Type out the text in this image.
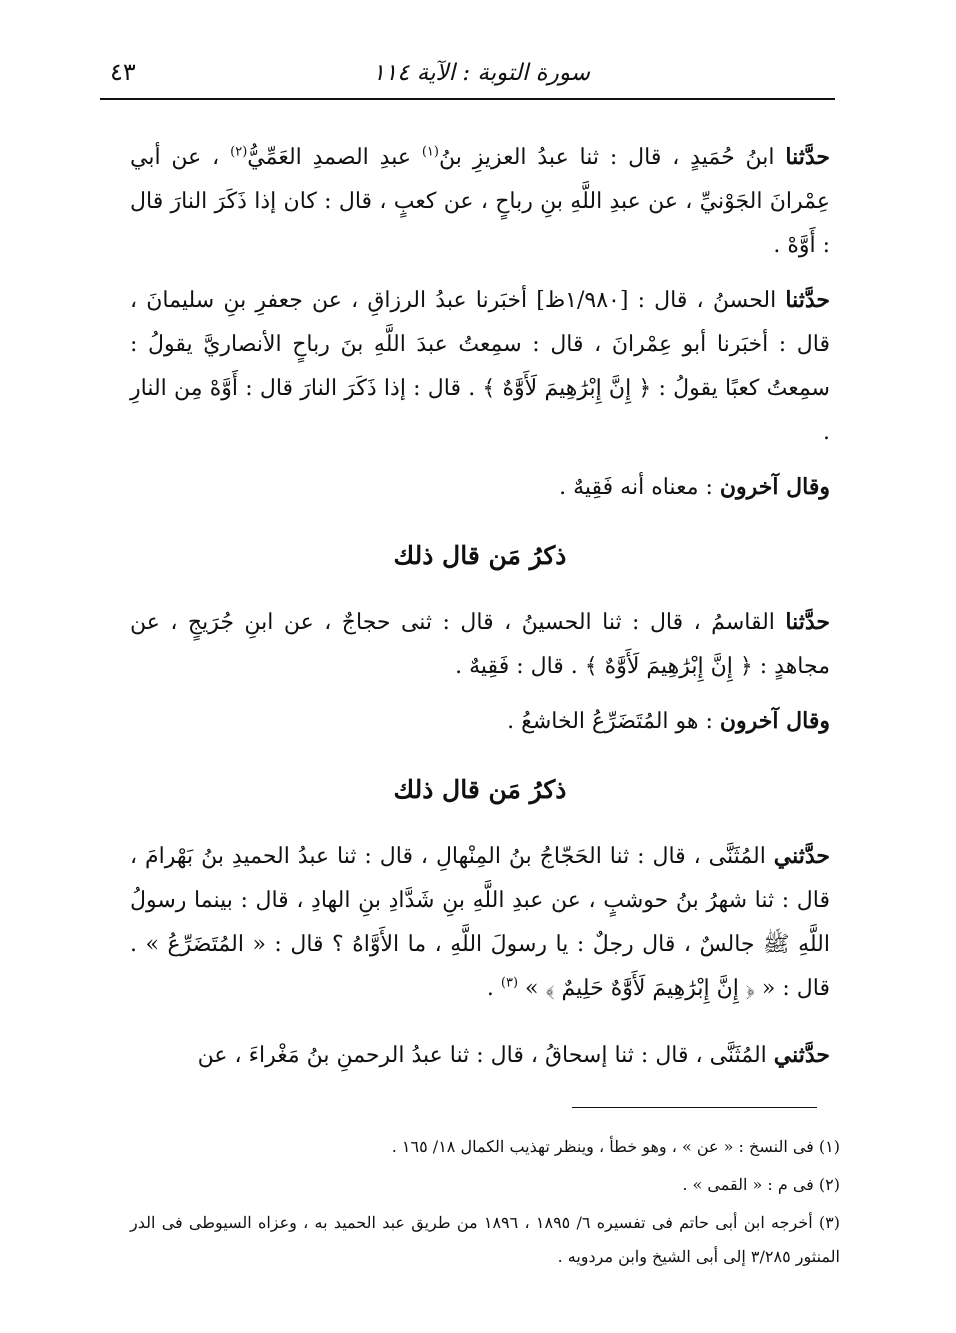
سورة التوبة : الآية ١١٤
٤٣

حدَّثنا ابنُ حُمَيدٍ ، قال : ثنا عبدُ العزيزِ بنُ$^{(١)}$ عبدِ الصمدِ العَمِّيُّ$^{(٢)}$ ، عن أبي عِمْرانَ الجَوْنيِّ ، عن عبدِ اللَّهِ بنِ رباحٍ ، عن كعبٍ ، قال : كان إذا ذَكَرَ النارَ قال : أَوَّهْ .

حدَّثنا الحسنُ ، قال : [١/٩٨٠ظ] أخبَرنا عبدُ الرزاقِ ، عن جعفرِ بنِ سليمانَ ، قال : أخبَرنا أبو عِمْرانَ ، قال : سمِعتُ عبدَ اللَّهِ بنَ رباحٍ الأنصاريَّ يقولُ : سمِعتُ كعبًا يقولُ : ﴿ إِنَّ إِبْرَٰهِيمَ لَأَوَّٰهٌ ﴾ . قال : إذا ذَكَرَ النارَ قال : أَوَّهْ مِن النارِ .

وقال آخرون : معناه أنه فَقِيهٌ .

ذكرُ مَن قال ذلك

حدَّثنا القاسمُ ، قال : ثنا الحسينُ ، قال : ثنى حجاجٌ ، عن ابنِ جُرَيجٍ ، عن مجاهدٍ : ﴿ إِنَّ إِبْرَٰهِيمَ لَأَوَّٰهٌ ﴾ . قال : فَقِيهٌ .

وقال آخرون : هو المُتَضَرِّعُ الخاشعُ .

ذكرُ مَن قال ذلك

حدَّثني المُثَنَّى ، قال : ثنا الحَجّاجُ بنُ المِنْهالِ ، قال : ثنا عبدُ الحميدِ بنُ بَهْرامَ ، قال : ثنا شهرُ بنُ حوشبٍ ، عن عبدِ اللَّهِ بنِ شَدَّادِ بنِ الهادِ ، قال : بينما رسولُ اللَّهِ ﷺ جالسٌ ، قال رجلٌ : يا رسولَ اللَّهِ ، ما الأَوَّاهُ ؟ قال : « المُتَضَرِّعُ » . قال : « ﴿ إِنَّ إِبْرَٰهِيمَ لَأَوَّٰهٌ حَلِيمٌ ﴾ » $^{(٣)}$ .

حدَّثني المُثَنَّى ، قال : ثنا إسحاقُ ، قال : ثنا عبدُ الرحمنِ بنُ مَغْراءَ ، عن

(١) فى النسخ : « عن » ، وهو خطأ ، وينظر تهذيب الكمال ١٨/ ١٦٥ .

(٢) فى م : « القمى » .

(٣) أخرجه ابن أبى حاتم فى تفسيره ٦/ ١٨٩٥ ، ١٨٩٦ من طريق عبد الحميد به ، وعزاه السيوطى فى الدر المنثور ٣/٢٨٥ إلى أبى الشيخ وابن مردويه .
